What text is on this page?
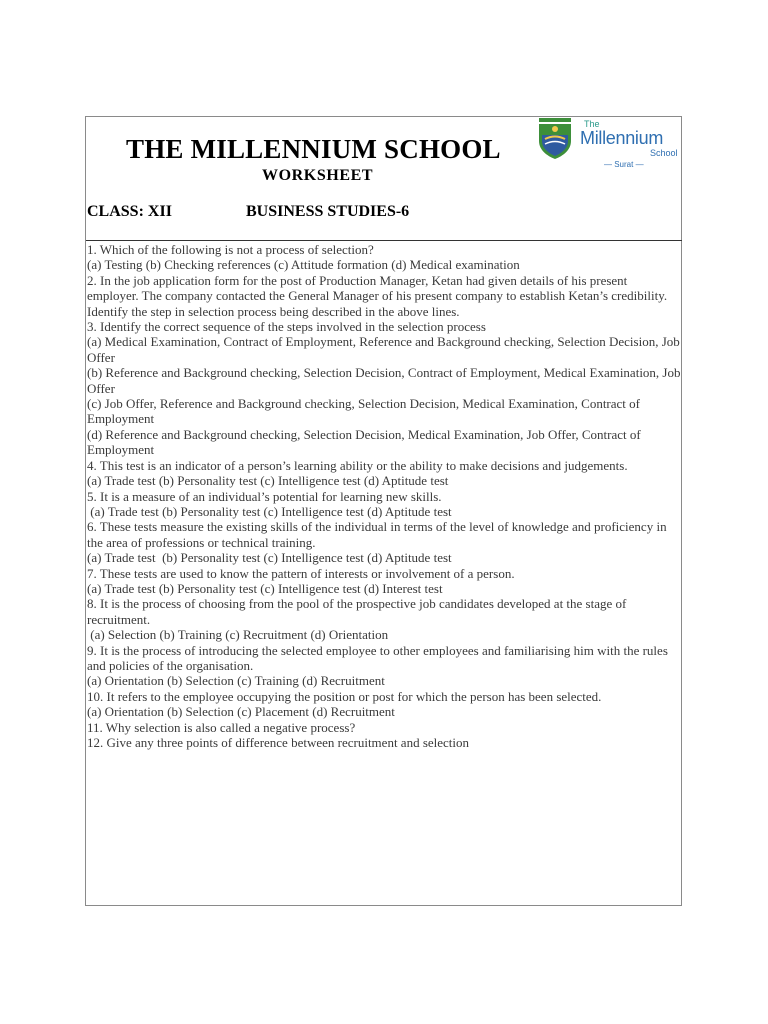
THE MILLENNIUM SCHOOL
WORKSHEET
CLASS: XII	BUSINESS STUDIES-6
The
Millennium
School
— Surat —
1. Which of the following is not a process of selection?
(a) Testing (b) Checking references (c) Attitude formation (d) Medical examination
2. In the job application form for the post of Production Manager, Ketan had given details of his present employer. The company contacted the General Manager of his present company to establish Ketan’s credibility. Identify the step in selection process being described in the above lines.
3. Identify the correct sequence of the steps involved in the selection process
(a) Medical Examination, Contract of Employment, Reference and Background checking, Selection Decision, Job Offer
(b) Reference and Background checking, Selection Decision, Contract of Employment, Medical Examination, Job Offer
(c) Job Offer, Reference and Background checking, Selection Decision, Medical Examination, Contract of Employment
(d) Reference and Background checking, Selection Decision, Medical Examination, Job Offer, Contract of Employment
4. This test is an indicator of a person’s learning ability or the ability to make decisions and judgements.
(a) Trade test (b) Personality test (c) Intelligence test (d) Aptitude test
5. It is a measure of an individual’s potential for learning new skills.
(a) Trade test (b) Personality test (c) Intelligence test (d) Aptitude test
6. These tests measure the existing skills of the individual in terms of the level of knowledge and proficiency in the area of professions or technical training.
(a) Trade test  (b) Personality test (c) Intelligence test (d) Aptitude test
7. These tests are used to know the pattern of interests or involvement of a person.
(a) Trade test (b) Personality test (c) Intelligence test (d) Interest test
8. It is the process of choosing from the pool of the prospective job candidates developed at the stage of recruitment.
(a) Selection (b) Training (c) Recruitment (d) Orientation
9. It is the process of introducing the selected employee to other employees and familiarising him with the rules and policies of the organisation.
(a) Orientation (b) Selection (c) Training (d) Recruitment
10. It refers to the employee occupying the position or post for which the person has been selected.
(a) Orientation (b) Selection (c) Placement (d) Recruitment
11. Why selection is also called a negative process?
12. Give any three points of difference between recruitment and selection
